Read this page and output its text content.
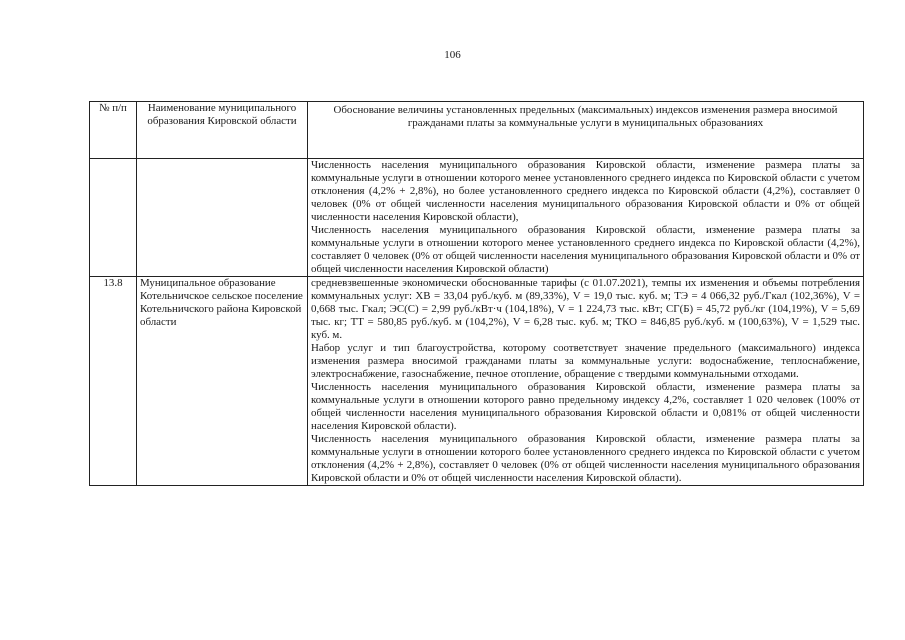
106
№ п/п	Наименование муниципального образования Кировской области	Обоснование величины установленных предельных (максимальных) индексов изменения размера вносимой гражданами платы за коммунальные услуги в муниципальных образованиях

		Численность населения муниципального образования Кировской области, изменение размера платы за коммунальные услуги в отношении которого менее установленного среднего индекса по Кировской области с учетом отклонения (4,2% + 2,8%), но более установленного среднего индекса по Кировской области (4,2%), составляет 0 человек (0% от общей численности населения муниципального образования Кировской области и 0% от общей численности населения Кировской области),

Численность населения муниципального образования Кировской области, изменение размера платы за коммунальные услуги в отношении которого менее установленного среднего индекса по Кировской области (4,2%), составляет 0 человек (0% от общей численности населения муниципального образования Кировской области и 0% от общей численности населения Кировской области)

13.8	Муниципальное образование Котельничское сельское поселение Котельничского района Кировской области	средневзвешенные экономически обоснованные тарифы (с 01.07.2021), темпы их изменения и объемы потребления коммунальных услуг: ХВ = 33,04 руб./куб. м (89,33%), V = 19,0 тыс. куб. м; ТЭ = 4 066,32 руб./Гкал (102,36%), V = 0,668 тыс. Гкал; ЭС(С) = 2,99 руб./кВт·ч (104,18%), V = 1 224,73 тыс. кВт; СГ(Б) = 45,72 руб./кг (104,19%), V = 5,69 тыс. кг; ТТ = 580,85 руб./куб. м (104,2%), V = 6,28 тыс. куб. м; ТКО = 846,85 руб./куб. м (100,63%), V = 1,529 тыс. куб. м.

Набор услуг и тип благоустройства, которому соответствует значение предельного (максимального) индекса изменения размера вносимой гражданами платы за коммунальные услуги: водоснабжение, теплоснабжение, электроснабжение, газоснабжение, печное отопление, обращение с твердыми коммунальными отходами.

Численность населения муниципального образования Кировской области, изменение размера платы за коммунальные услуги в отношении которого равно предельному индексу 4,2%, составляет 1 020 человек (100% от общей численности населения муниципального образования Кировской области и 0,081% от общей численности населения Кировской области).

Численность населения муниципального образования Кировской области, изменение размера платы за коммунальные услуги в отношении которого более установленного среднего индекса по Кировской области с учетом отклонения (4,2% + 2,8%), составляет 0 человек (0% от общей численности населения муниципального образования Кировской области и 0% от общей численности населения Кировской области).
